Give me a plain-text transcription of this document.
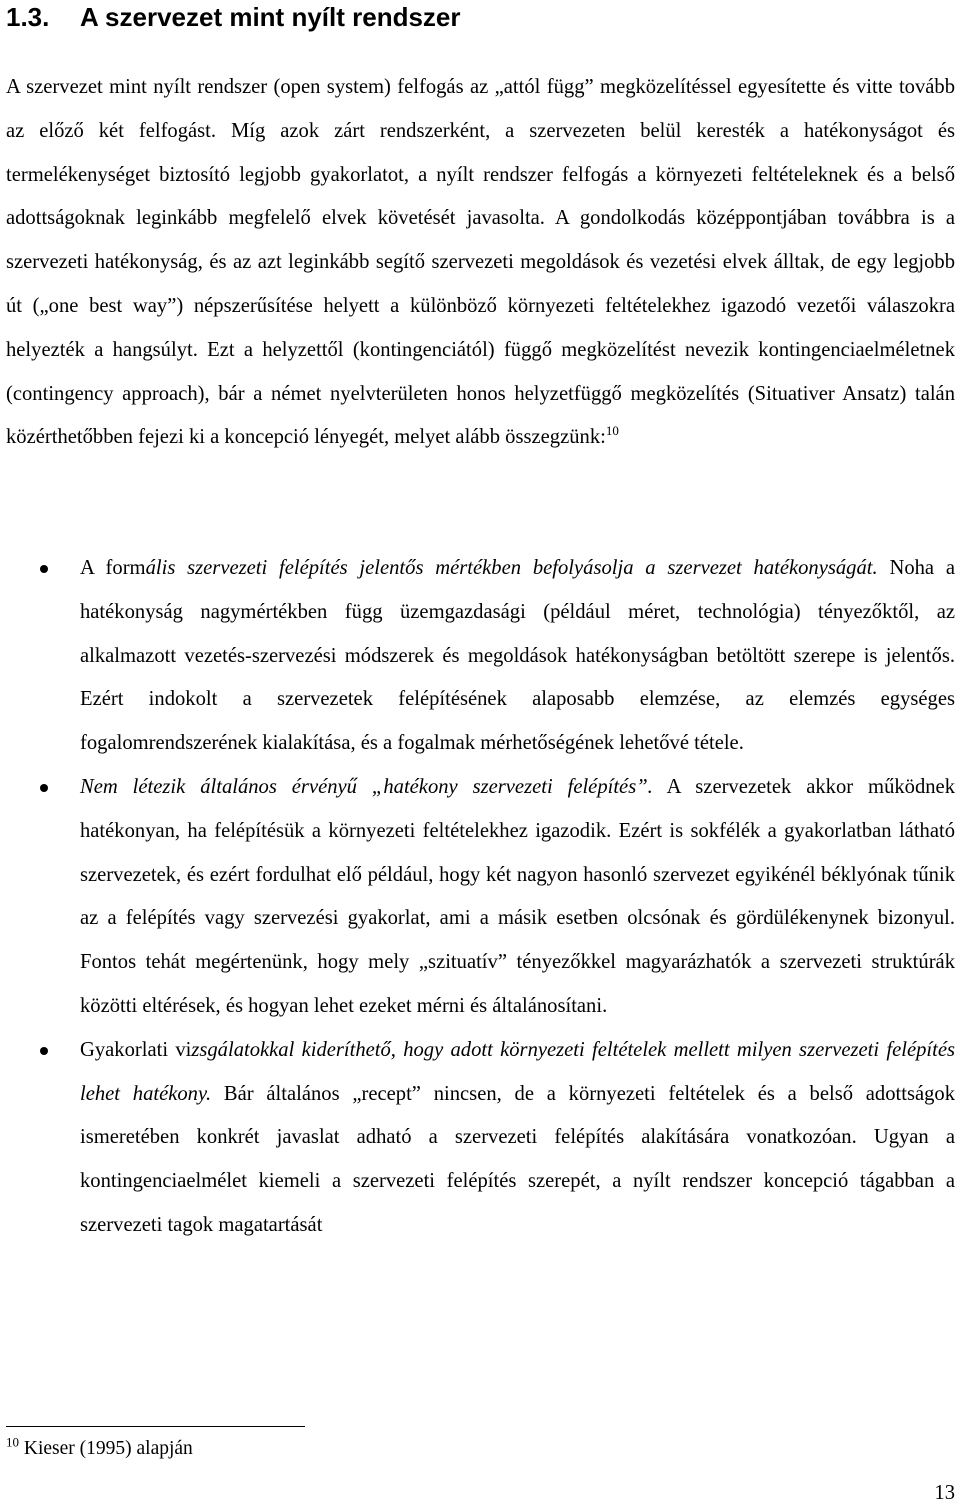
1.3. A szervezet mint nyílt rendszer

A szervezet mint nyílt rendszer (open system) felfogás az „attól függ” megközelítéssel egyesítette és vitte tovább az előző két felfogást. Míg azok zárt rendszerként, a szervezeten belül keresték a hatékonyságot és termelékenységet biztosító legjobb gyakorlatot, a nyílt rendszer felfogás a környezeti feltételeknek és a belső adottságoknak leginkább megfelelő elvek követését javasolta. A gondolkodás középpontjában továbbra is a szervezeti hatékonyság, és az azt leginkább segítő szervezeti megoldások és vezetési elvek álltak, de egy legjobb út („one best way”) népszerűsítése helyett a különböző környezeti feltételekhez igazodó vezetői válaszokra helyezték a hangsúlyt. Ezt a helyzettől (kontingenciától) függő megközelítést nevezik kontingenciaelméletnek (contingency approach), bár a német nyelvterületen honos helyzetfüggő megközelítés (Situativer Ansatz) talán közérthetőbben fejezi ki a koncepció lényegét, melyet alább összegzünk:$^{10}$

A formális szervezeti felépítés jelentős mértékben befolyásolja a szervezet hatékonyságát. Noha a hatékonyság nagymértékben függ üzemgazdasági (például méret, technológia) tényezőktől, az alkalmazott vezetés-szervezési módszerek és megoldások hatékonyságban betöltött szerepe is jelentős. Ezért indokolt a szervezetek felépítésének alaposabb elemzése, az elemzés egységes fogalomrendszerének kialakítása, és a fogalmak mérhetőségének lehetővé tétele.
Nem létezik általános érvényű „hatékony szervezeti felépítés”. A szervezetek akkor működnek hatékonyan, ha felépítésük a környezeti feltételekhez igazodik. Ezért is sokfélék a gyakorlatban látható szervezetek, és ezért fordulhat elő például, hogy két nagyon hasonló szervezet egyikénél béklyónak tűnik az a felépítés vagy szervezési gyakorlat, ami a másik esetben olcsónak és gördülékenynek bizonyul. Fontos tehát megértenünk, hogy mely „szituatív” tényezőkkel magyarázhatók a szervezeti struktúrák közötti eltérések, és hogyan lehet ezeket mérni és általánosítani.
Gyakorlati vizsgálatokkal kideríthető, hogy adott környezeti feltételek mellett milyen szervezeti felépítés lehet hatékony. Bár általános „recept” nincsen, de a környezeti feltételek és a belső adottságok ismeretében konkrét javaslat adható a szervezeti felépítés alakítására vonatkozóan. Ugyan a kontingenciaelmélet kiemeli a szervezeti felépítés szerepét, a nyílt rendszer koncepció tágabban a szervezeti tagok magatartását

$^{10}$ Kieser (1995) alapján

13
